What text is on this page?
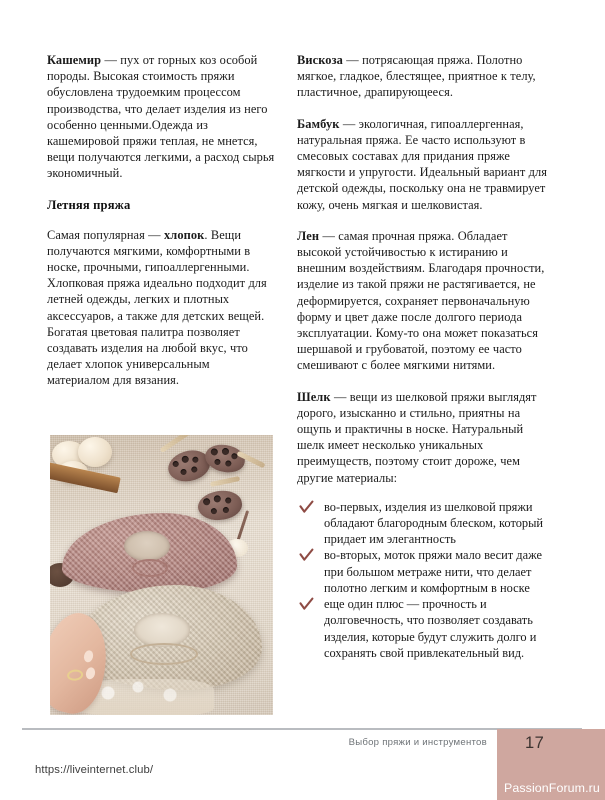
Кашемир — пух от горных коз особой породы. Высокая стоимость пряжи обусловлена трудоемким процессом производства, что делает изделия из него особенно ценными.Одежда из кашемировой пряжи теплая, не мнется, вещи получаются легкими, а расход сырья экономичный.

Летняя пряжа

Самая популярная — хлопок. Вещи получаются мягкими, комфортными в носке, прочными, гипоаллергенными. Хлопковая пряжа идеально подходит для летней одежды, легких и плотных аксессуаров, а также для детских вещей. Богатая цветовая палитра позволяет создавать изделия на любой вкус, что делает хлопок универсальным материалом для вязания.

Вискоза — потрясающая пряжа. Полотно мягкое, гладкое, блестящее, приятное к телу, пластичное, драпирующееся.

Бамбук — экологичная, гипоаллергенная, натуральная пряжа. Ее часто используют в смесовых составах для придания пряже мягкости и упругости. Идеальный вариант для детской одежды, поскольку она не травмирует кожу, очень мягкая и шелковистая.

Лен — самая прочная пряжа. Обладает высокой устойчивостью к истиранию и внешним воздействиям. Благодаря прочности, изделие из такой пряжи не растягивается, не деформируется, сохраняет первоначальную форму и цвет даже после долгого периода эксплуатации. Кому-то она может показаться шершавой и грубоватой, поэтому ее часто смешивают с более мягкими нитями.

Шелк — вещи из шелковой пряжи выглядят дорого, изысканно и стильно, приятны на ощупь и практичны в носке. Натуральный шелк имеет несколько уникальных преимуществ, поэтому стоит дороже, чем другие материалы:

во-первых, изделия из шелковой пряжи обладают благородным блеском, который придает им элегантность
во-вторых, моток пряжи мало весит даже при большом метраже нити, что делает полотно легким и комфортным в носке
еще один плюс — прочность и долговечность, что позволяет создавать изделия, которые будут служить долго и сохранять свой привлекательный вид.
Выбор пряжи и инструментов 17
PassionForum.ru
https://liveinternet.club/
